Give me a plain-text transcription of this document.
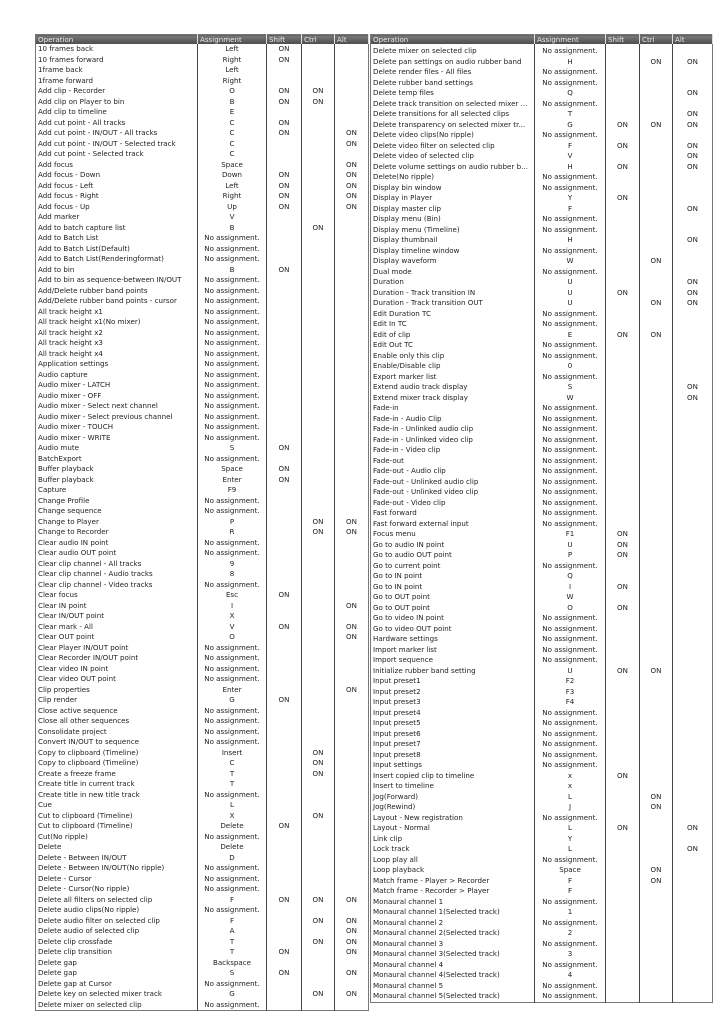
Operation	Assignment	Shift	Ctrl	Alt
10 frames back	Left	ON		
10 frames forward	Right	ON		
1frame back	Left			
1frame forward	Right			
Add clip - Recorder	O	ON	ON	
Add clip on Player to bin	B	ON	ON	
Add clip to timeline	E			
Add cut point - All tracks	C	ON		
Add cut point - IN/OUT - All tracks	C	ON		ON
Add cut point - IN/OUT - Selected track	C			ON
Add cut point - Selected track	C			
Add focus	Space			ON
Add focus - Down	Down	ON		ON
Add focus - Left	Left	ON		ON
Add focus - Right	Right	ON		ON
Add focus - Up	Up	ON		ON
Add marker	V			
Add to batch capture list	B		ON	
Add to Batch List	No assignment.			
Add to Batch List(Default)	No assignment.			
Add to Batch List(Renderingformat)	No assignment.			
Add to bin	B	ON		
Add to bin as sequence-between IN/OUT	No assignment.			
Add/Delete rubber band points	No assignment.			
Add/Delete rubber band points - cursor	No assignment.			
All track height x1	No assignment.			
All track height x1(No mixer)	No assignment.			
All track height x2	No assignment.			
All track height x3	No assignment.			
All track height x4	No assignment.			
Application settings	No assignment.			
Audio capture	No assignment.			
Audio mixer - LATCH	No assignment.			
Audio mixer - OFF	No assignment.			
Audio mixer - Select next channel	No assignment.			
Audio mixer - Select previous channel	No assignment.			
Audio mixer - TOUCH	No assignment.			
Audio mixer - WRITE	No assignment.			
Audio mute	S	ON		
BatchExport	No assignment.			
Buffer playback	Space	ON		
Buffer playback	Enter	ON		
Capture	F9			
Change Profile	No assignment.			
Change sequence	No assignment.			
Change to Player	P		ON	ON
Change to Recorder	R		ON	ON
Clear audio IN point	No assignment.			
Clear audio OUT point	No assignment.			
Clear clip channel - All tracks	9			
Clear clip channel - Audio tracks	8			
Clear clip channel - Video tracks	No assignment.			
Clear focus	Esc	ON		
Clear IN point	I			ON
Clear IN/OUT point	X			
Clear mark - All	V	ON		ON
Clear OUT point	O			ON
Clear Player IN/OUT point	No assignment.			
Clear Recorder IN/OUT point	No assignment.			
Clear video IN point	No assignment.			
Clear video OUT point	No assignment.			
Clip properties	Enter			ON
Clip render	G	ON		
Close active sequence	No assignment.			
Close all other sequences	No assignment.			
Consolidate project	No assignment.			
Convert IN/OUT to sequence	No assignment.			
Copy to clipboard (Timeline)	Insert		ON	
Copy to clipboard (Timeline)	C		ON	
Create a freeze frame	T		ON	
Create title in current track	T			
Create title in new title track	No assignment.			
Cue	L			
Cut to clipboard (Timeline)	X		ON	
Cut to clipboard (Timeline)	Delete	ON		
Cut(No ripple)	No assignment.			
Delete	Delete			
Delete - Between IN/OUT	D			
Delete - Between IN/OUT(No ripple)	No assignment.			
Delete - Cursor	No assignment.			
Delete - Cursor(No ripple)	No assignment.			
Delete all filters on selected clip	F	ON	ON	ON
Delete audio clips(No ripple)	No assignment.			
Delete audio filter on selected clip	F		ON	ON
Delete audio of selected clip	A			ON
Delete clip crossfade	T		ON	ON
Delete clip transition	T	ON		ON
Delete gap	Backspace			
Delete gap	S	ON		ON
Delete gap at Cursor	No assignment.			
Delete key on selected mixer track	G		ON	ON
Delete mixer on selected clip	No assignment.			
Operation	Assignment	Shift	Ctrl	Alt

Delete mixer on selected clip	No assignment.			
Delete pan settings on audio rubber band	H		ON	ON
Delete render files - All files	No assignment.			
Delete rubber band settings	No assignment.			
Delete temp files	Q			ON
Delete track transition on selected mixer ...	No assignment.			
Delete transitions for all selected clips	T			ON
Delete transparency on selected mixer tr...	G	ON	ON	ON
Delete video clips(No ripple)	No assignment.			
Delete video filter on selected clip	F	ON		ON
Delete video of selected clip	V			ON
Delete volume settings on audio rubber b...	H	ON		ON
Delete(No ripple)	No assignment.			
Display bin window	No assignment.			
Display in Player	Y	ON		
Display master clip	F			ON
Display menu (Bin)	No assignment.			
Display menu (Timeline)	No assignment.			
Display thumbnail	H			ON
Display timeline window	No assignment.			
Display waveform	W		ON	
Dual mode	No assignment.			
Duration	U			ON
Duration - Track transition IN	U	ON		ON
Duration - Track transition OUT	U		ON	ON
Edit Duration TC	No assignment.			
Edit In TC	No assignment.			
Edit of clip	E	ON	ON	
Edit Out TC	No assignment.			
Enable only this clip	No assignment.			
Enable/Disable clip	0			
Export marker list	No assignment.			
Extend audio track display	S			ON
Extend mixer track display	W			ON
Fade-in	No assignment.			
Fade-in - Audio Clip	No assignment.			
Fade-in - Unlinked audio clip	No assignment.			
Fade-in - Unlinked video clip	No assignment.			
Fade-in - Video clip	No assignment.			
Fade-out	No assignment.			
Fade-out - Audio clip	No assignment.			
Fade-out - Unlinked audio clip	No assignment.			
Fade-out - Unlinked video clip	No assignment.			
Fade-out - Video clip	No assignment.			
Fast forward	No assignment.			
Fast forward external input	No assignment.			
Focus menu	F1	ON		
Go to audio IN point	U	ON		
Go to audio OUT point	P	ON		
Go to current point	No assignment.			
Go to IN point	Q			
Go to IN point	I	ON		
Go to OUT point	W			
Go to OUT point	O	ON		
Go to video IN point	No assignment.			
Go to video OUT point	No assignment.			
Hardware settings	No assignment.			
Import marker list	No assignment.			
Import sequence	No assignment.			
Initialize rubber band setting	U	ON	ON	
Input preset1	F2			
Input preset2	F3			
Input preset3	F4			
Input preset4	No assignment.			
Input preset5	No assignment.			
Input preset6	No assignment.			
Input preset7	No assignment.			
Input preset8	No assignment.			
Input settings	No assignment.			
Insert copied clip to timeline	x	ON		
Insert to timeline	x			
Jog(Forward)	L		ON	
Jog(Rewind)	J		ON	
Layout - New registration	No assignment.			
Layout - Normal	L	ON		ON
Link clip	Y			
Lock track	L			ON
Loop play all	No assignment.			
Loop playback	Space		ON	
Match frame - Player > Recorder	F		ON	
Match frame - Recorder > Player	F			
Monaural channel 1	No assignment.			
Monaural channel 1(Selected track)	1			
Monaural channel 2	No assignment.			
Monaural channel 2(Selected track)	2			
Monaural channel 3	No assignment.			
Monaural channel 3(Selected track)	3			
Monaural channel 4	No assignment.			
Monaural channel 4(Selected track)	4			
Monaural channel 5	No assignment.			
Monaural channel 5(Selected track)	No assignment.			
